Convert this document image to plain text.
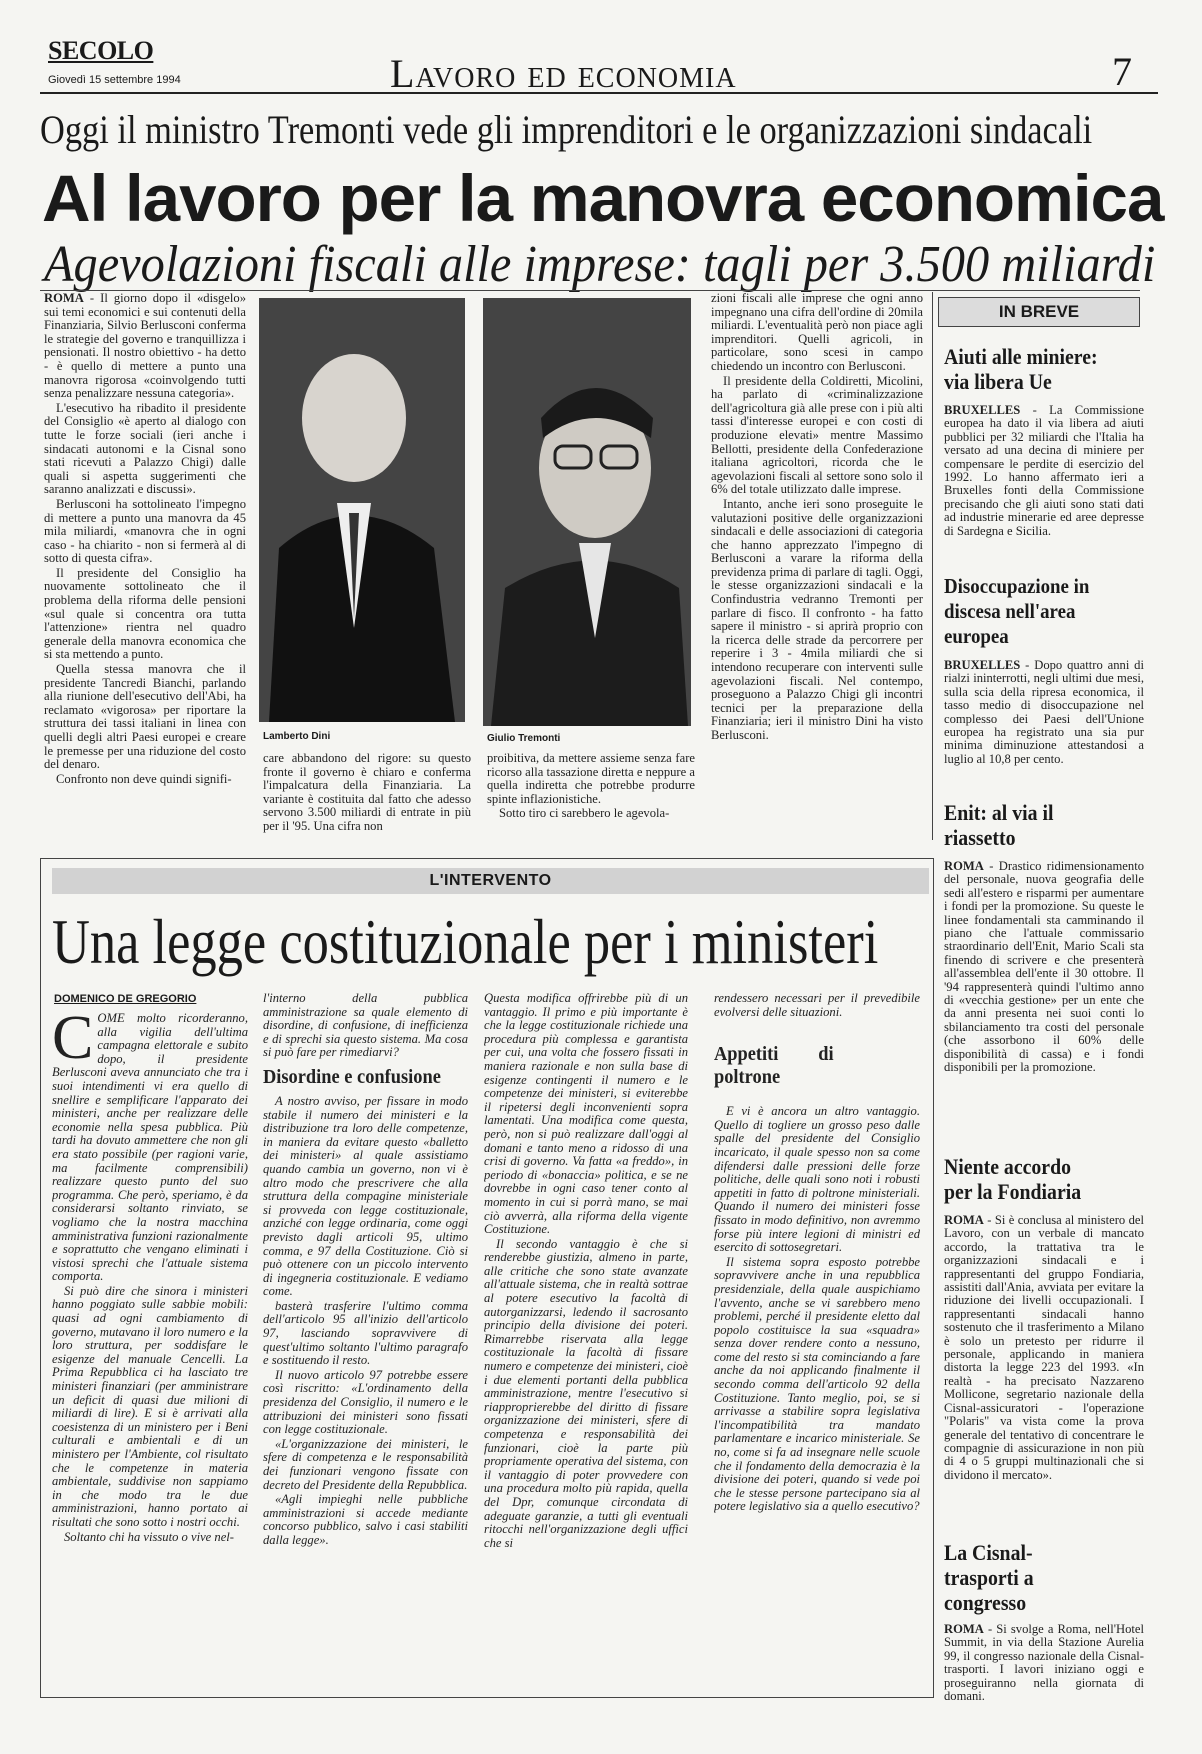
SECOLO
Giovedì 15 settembre 1994	Lavoro ed economia	7
Oggi il ministro Tremonti vede gli imprenditori e le organizzazioni sindacali
Al lavoro per la manovra economica
Agevolazioni fiscali alle imprese: tagli per 3.500 miliardi

ROMA - Il giorno dopo il «disgelo» sui temi economici e sui contenuti della Finanziaria, Silvio Berlusconi conferma le strategie del governo e tranquillizza i pensionati. Il nostro obiettivo - ha detto - è quello di mettere a punto una manovra rigorosa «coinvolgendo tutti senza penalizzare nessuna categoria».

L'esecutivo ha ribadito il presidente del Consiglio «è aperto al dialogo con tutte le forze sociali (ieri anche i sindacati autonomi e la Cisnal sono stati ricevuti a Palazzo Chigi) dalle quali si aspetta suggerimenti che saranno analizzati e discussi».

Berlusconi ha sottolineato l'impegno di mettere a punto una manovra da 45 mila miliardi, «manovra che in ogni caso - ha chiarito - non si fermerà al di sotto di questa cifra».

Il presidente del Consiglio ha nuovamente sottolineato che il problema della riforma delle pensioni «sul quale si concentra ora tutta l'attenzione» rientra nel quadro generale della manovra economica che si sta mettendo a punto.

Quella stessa manovra che il presidente Tancredi Bianchi, parlando alla riunione dell'esecutivo dell'Abi, ha reclamato «vigorosa» per riportare la struttura dei tassi italiani in linea con quelli degli altri Paesi europei e creare le premesse per una riduzione del costo del denaro.

Confronto non deve quindi signifi-

Lamberto Dini	Giulio Tremonti

care abbandono del rigore: su questo fronte il governo è chiaro e conferma l'impalcatura della Finanziaria. La variante è costituita dal fatto che adesso servono 3.500 miliardi di entrate in più per il '95. Una cifra non

proibitiva, da mettere assieme senza fare ricorso alla tassazione diretta e neppure a quella indiretta che potrebbe produrre spinte inflazionistiche.

Sotto tiro ci sarebbero le agevola-

zioni fiscali alle imprese che ogni anno impegnano una cifra dell'ordine di 20mila miliardi. L'eventualità però non piace agli imprenditori. Quelli agricoli, in particolare, sono scesi in campo chiedendo un incontro con Berlusconi.

Il presidente della Coldiretti, Micolini, ha parlato di «criminalizzazione dell'agricoltura già alle prese con i più alti tassi d'interesse europei e con costi di produzione elevati» mentre Massimo Bellotti, presidente della Confederazione italiana agricoltori, ricorda che le agevolazioni fiscali al settore sono solo il 6% del totale utilizzato dalle imprese.

Intanto, anche ieri sono proseguite le valutazioni positive delle organizzazioni sindacali e delle associazioni di categoria che hanno apprezzato l'impegno di Berlusconi a varare la riforma della previdenza prima di parlare di tagli. Oggi, le stesse organizzazioni sindacali e la Confindustria vedranno Tremonti per parlare di fisco. Il confronto - ha fatto sapere il ministro - si aprirà proprio con la ricerca delle strade da percorrere per reperire i 3 - 4mila miliardi che si intendono recuperare con interventi sulle agevolazioni fiscali. Nel contempo, proseguono a Palazzo Chigi gli incontri tecnici per la preparazione della Finanziaria; ieri il ministro Dini ha visto Berlusconi.

IN BREVE
Aiuti alle miniere: via libera Ue
BRUXELLES - La Commissione europea ha dato il via libera ad aiuti pubblici per 32 miliardi che l'Italia ha versato ad una decina di miniere per compensare le perdite di esercizio del 1992. Lo hanno affermato ieri a Bruxelles fonti della Commissione precisando che gli aiuti sono stati dati ad industrie minerarie ed aree depresse di Sardegna e Sicilia.
Disoccupazione in discesa nell'area europea
BRUXELLES - Dopo quattro anni di rialzi ininterrotti, negli ultimi due mesi, sulla scia della ripresa economica, il tasso medio di disoccupazione nel complesso dei Paesi dell'Unione europea ha registrato una sia pur minima diminuzione attestandosi a luglio al 10,8 per cento.
Enit: al via il riassetto
ROMA - Drastico ridimensionamento del personale, nuova geografia delle sedi all'estero e risparmi per aumentare i fondi per la promozione. Su queste le linee fondamentali sta camminando il piano che l'attuale commissario straordinario dell'Enit, Mario Scali sta finendo di scrivere e che presenterà all'assemblea dell'ente il 30 ottobre. Il '94 rappresenterà quindi l'ultimo anno di «vecchia gestione» per un ente che da anni presenta nei suoi conti lo sbilanciamento tra costi del personale (che assorbono il 60% delle disponibilità di cassa) e i fondi disponibili per la promozione.
Niente accordo per la Fondiaria
ROMA - Si è conclusa al ministero del Lavoro, con un verbale di mancato accordo, la trattativa tra le organizzazioni sindacali e i rappresentanti del gruppo Fondiaria, assistiti dall'Ania, avviata per evitare la riduzione dei livelli occupazionali. I rappresentanti sindacali hanno sostenuto che il trasferimento a Milano è solo un pretesto per ridurre il personale, applicando in maniera distorta la legge 223 del 1993. «In realtà - ha precisato Nazzareno Mollicone, segretario nazionale della Cisnal-assicuratori - l'operazione "Polaris" va vista come la prova generale del tentativo di concentrare le compagnie di assicurazione in non più di 4 o 5 gruppi multinazionali che si dividono il mercato».
La Cisnal-trasporti a congresso
ROMA - Si svolge a Roma, nell'Hotel Summit, in via della Stazione Aurelia 99, il congresso nazionale della Cisnal-trasporti. I lavori iniziano oggi e proseguiranno nella giornata di domani.
L'INTERVENTO
Una legge costituzionale per i ministeri
DOMENICO DE GREGORIO

COME molto ricorderanno, alla vigilia dell'ultima campagna elettorale e subito dopo, il presidente Berlusconi aveva annunciato che tra i suoi intendimenti vi era quello di snellire e semplificare l'apparato dei ministeri, anche per realizzare delle economie nella spesa pubblica. Più tardi ha dovuto ammettere che non gli era stato possibile (per ragioni varie, ma facilmente comprensibili) realizzare questo punto del suo programma. Che però, speriamo, è da considerarsi soltanto rinviato, se vogliamo che la nostra macchina amministrativa funzioni razionalmente e soprattutto che vengano eliminati i vistosi sprechi che l'attuale sistema comporta.

Si può dire che sinora i ministeri hanno poggiato sulle sabbie mobili: quasi ad ogni cambiamento di governo, mutavano il loro numero e la loro struttura, per soddisfare le esigenze del manuale Cencelli. La Prima Repubblica ci ha lasciato tre ministeri finanziari (per amministrare un deficit di quasi due milioni di miliardi di lire). E si è arrivati alla coesistenza di un ministero per i Beni culturali e ambientali e di un ministero per l'Ambiente, col risultato che le competenze in materia ambientale, suddivise non sappiamo in che modo tra le due amministrazioni, hanno portato ai risultati che sono sotto i nostri occhi.

Soltanto chi ha vissuto o vive nel-

l'interno della pubblica amministrazione sa quale elemento di disordine, di confusione, di inefficienza e di sprechi sia questo sistema. Ma cosa si può fare per rimediarvi?

Disordine e confusione

A nostro avviso, per fissare in modo stabile il numero dei ministeri e la distribuzione tra loro delle competenze, in maniera da evitare questo «balletto dei ministeri» al quale assistiamo quando cambia un governo, non vi è altro modo che prescrivere che alla struttura della compagine ministeriale si provveda con legge costituzionale, anziché con legge ordinaria, come oggi previsto dagli articoli 95, ultimo comma, e 97 della Costituzione. Ciò si può ottenere con un piccolo intervento di ingegneria costituzionale. E vediamo come.

basterà trasferire l'ultimo comma dell'articolo 95 all'inizio dell'articolo 97, lasciando sopravvivere di quest'ultimo soltanto l'ultimo paragrafo e sostituendo il resto.

Il nuovo articolo 97 potrebbe essere così riscritto: «L'ordinamento della presidenza del Consiglio, il numero e le attribuzioni dei ministeri sono fissati con legge costituzionale.

«L'organizzazione dei ministeri, le sfere di competenza e le responsabilità dei funzionari vengono fissate con decreto del Presidente della Repubblica.

«Agli impieghi nelle pubbliche amministrazioni si accede mediante concorso pubblico, salvo i casi stabiliti dalla legge».

Questa modifica offrirebbe più di un vantaggio. Il primo e più importante è che la legge costituzionale richiede una procedura più complessa e garantista per cui, una volta che fossero fissati in maniera razionale e non sulla base di esigenze contingenti il numero e le competenze dei ministeri, si eviterebbe il ripetersi degli inconvenienti sopra lamentati. Una modifica come questa, però, non si può realizzare dall'oggi al domani e tanto meno a ridosso di una crisi di governo. Va fatta «a freddo», in periodo di «bonaccia» politica, e se ne dovrebbe in ogni caso tener conto al momento in cui si porrà mano, se mai ciò avverrà, alla riforma della vigente Costituzione.

Il secondo vantaggio è che si renderebbe giustizia, almeno in parte, alle critiche che sono state avanzate all'attuale sistema, che in realtà sottrae al potere esecutivo la facoltà di autorganizzarsi, ledendo il sacrosanto principio della divisione dei poteri. Rimarrebbe riservata alla legge costituzionale la facoltà di fissare numero e competenze dei ministeri, cioè i due elementi portanti della pubblica amministrazione, mentre l'esecutivo si riapproprierebbe del diritto di fissare organizzazione dei ministeri, sfere di competenza e responsabilità dei funzionari, cioè la parte più propriamente operativa del sistema, con il vantaggio di poter provvedere con una procedura molto più rapida, quella del Dpr, comunque circondata di adeguate garanzie, a tutti gli eventuali ritocchi nell'organizzazione degli uffici che si

rendessero necessari per il prevedibile evolversi delle situazioni.

Appetiti di poltrone

E vi è ancora un altro vantaggio. Quello di togliere un grosso peso dalle spalle del presidente del Consiglio incaricato, il quale spesso non sa come difendersi dalle pressioni delle forze politiche, delle quali sono noti i robusti appetiti in fatto di poltrone ministeriali. Quando il numero dei ministeri fosse fissato in modo definitivo, non avremmo forse più intere legioni di ministri ed esercito di sottosegretari.

Il sistema sopra esposto potrebbe sopravvivere anche in una repubblica presidenziale, della quale auspichiamo l'avvento, anche se vi sarebbero meno problemi, perché il presidente eletto dal popolo costituisce la sua «squadra» senza dover rendere conto a nessuno, come del resto si sta cominciando a fare anche da noi applicando finalmente il secondo comma dell'articolo 92 della Costituzione. Tanto meglio, poi, se si arrivasse a stabilire sopra legislativa l'incompatibilità tra mandato parlamentare e incarico ministeriale. Se no, come si fa ad insegnare nelle scuole che il fondamento della democrazia è la divisione dei poteri, quando si vede poi che le stesse persone partecipano sia al potere legislativo sia a quello esecutivo?
